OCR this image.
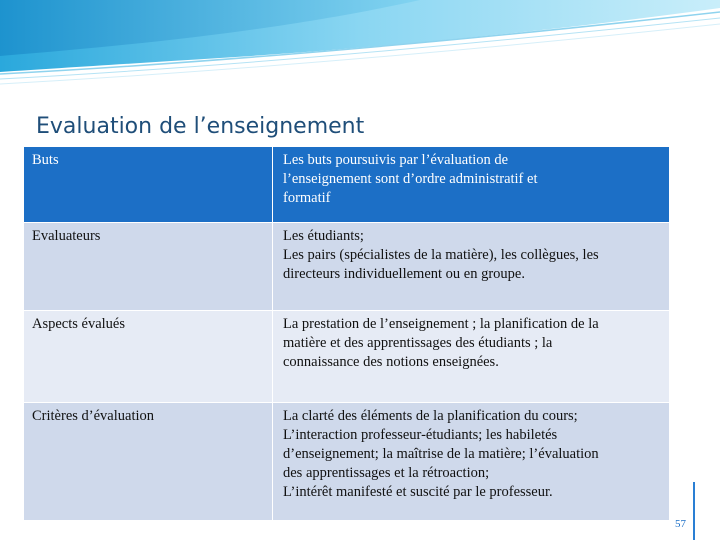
Evaluation de l’enseignement
Buts	Les buts poursuivis par l’évaluation de
l’enseignement sont d’ordre administratif et
formatif

Evaluateurs	Les étudiants;
Les pairs (spécialistes de la matière), les collègues, les
directeurs individuellement ou en groupe.

Aspects évalués	La prestation de l’enseignement ; la planification de la
matière et des apprentissages des étudiants ; la
connaissance des notions enseignées.

Critères d’évaluation	La clarté des éléments de la planification du cours;
L’interaction professeur-étudiants; les habiletés
d’enseignement; la maîtrise de la matière; l’évaluation
des apprentissages et la rétroaction;
L’intérêt manifesté et suscité par le professeur.
57
